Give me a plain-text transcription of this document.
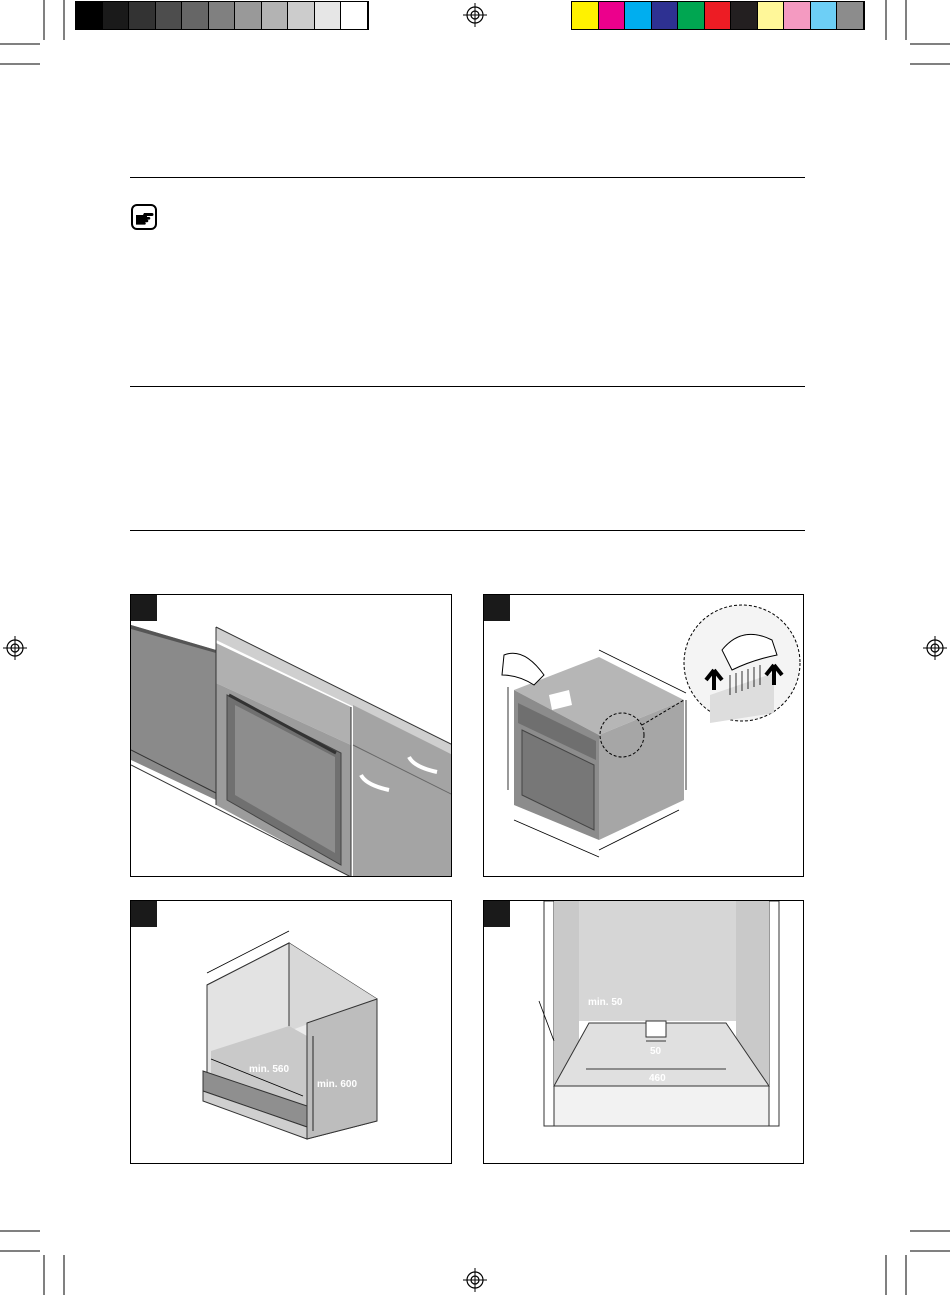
min. 560
min. 600
min. 50
50
460
